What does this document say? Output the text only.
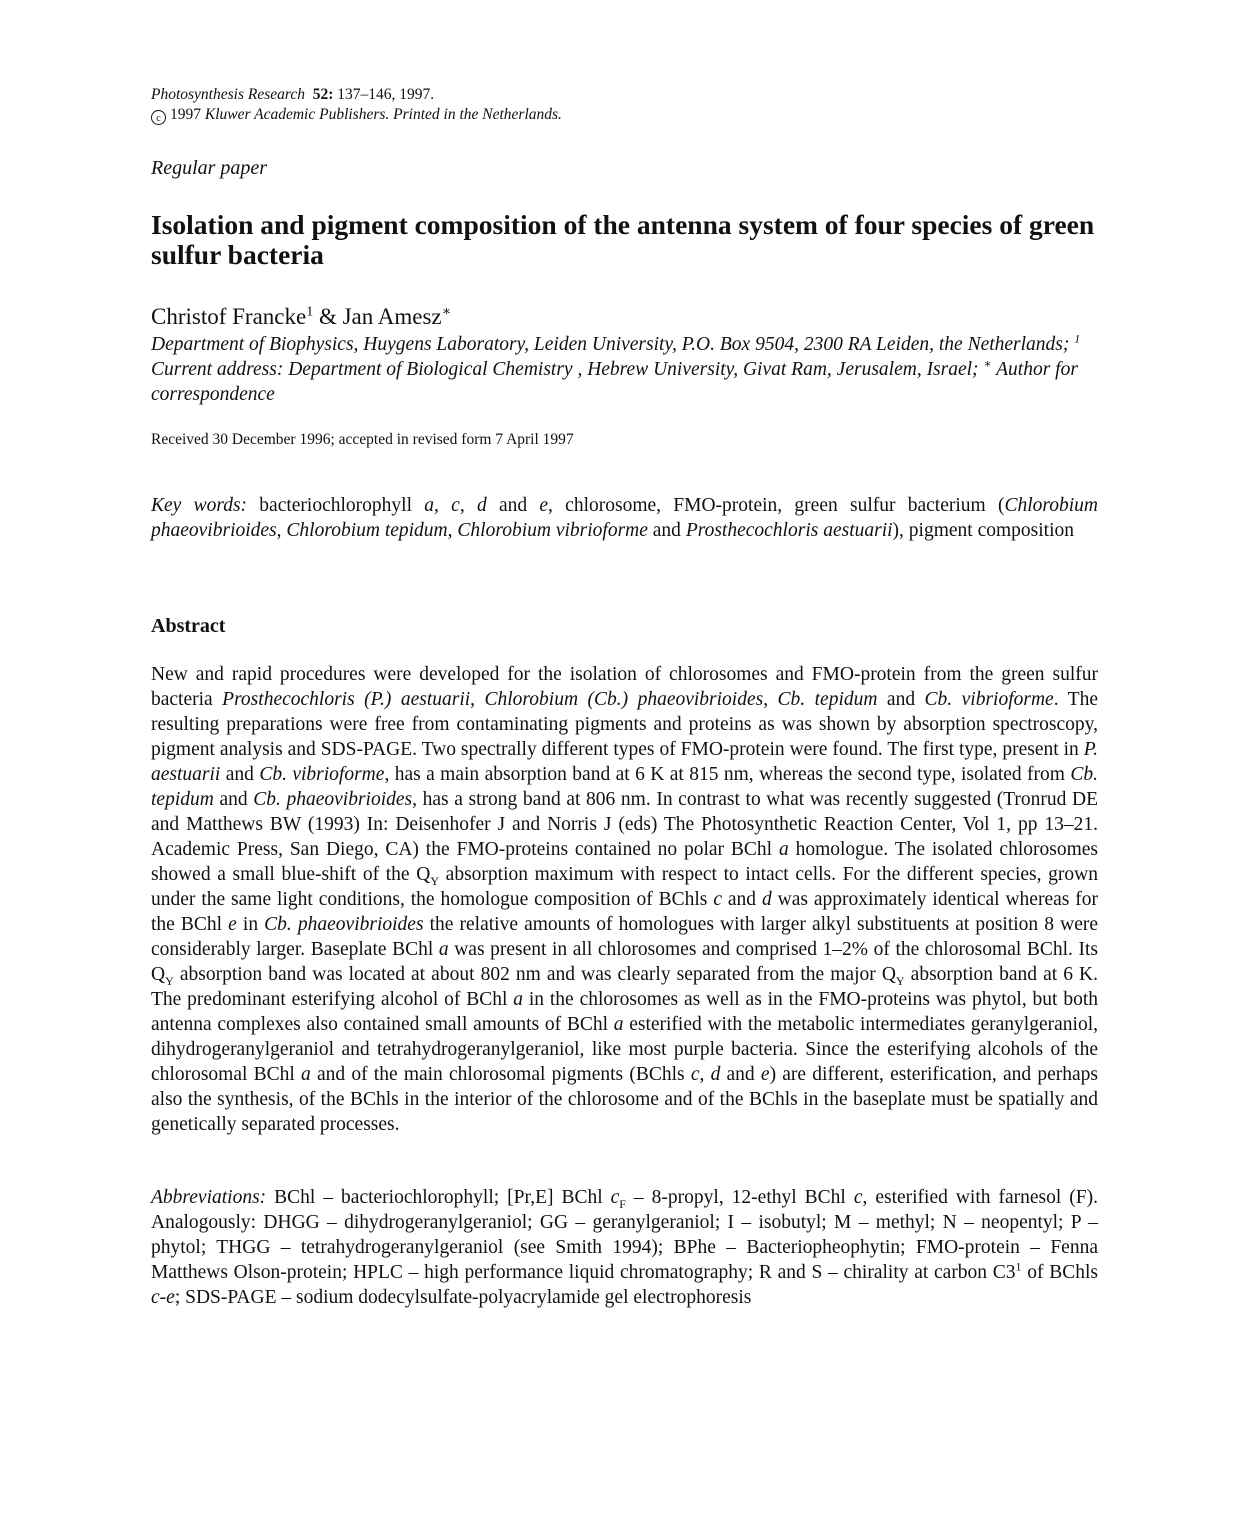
Photosynthesis Research 52: 137–146, 1997.
c 1997 Kluwer Academic Publishers. Printed in the Netherlands.
Regular paper
Isolation and pigment composition of the antenna system of four species of green sulfur bacteria
Christof Francke$^1$ & Jan Amesz∗
Department of Biophysics, Huygens Laboratory, Leiden University, P.O. Box 9504, 2300 RA Leiden, the Netherlands; $^1$ Current address: Department of Biological Chemistry , Hebrew University, Givat Ram, Jerusalem, Israel; ∗ Author for correspondence
Received 30 December 1996; accepted in revised form 7 April 1997
Key words: bacteriochlorophyll a, c, d and e, chlorosome, FMO-protein, green sulfur bacterium (Chlorobium phaeovibrioides, Chlorobium tepidum, Chlorobium vibrioforme and Prosthecochloris aestuarii), pigment composition
Abstract
New and rapid procedures were developed for the isolation of chlorosomes and FMO-protein from the green sulfur bacteria Prosthecochloris (P.) aestuarii, Chlorobium (Cb.) phaeovibrioides, Cb. tepidum and Cb. vibrioforme. The resulting preparations were free from contaminating pigments and proteins as was shown by absorption spectroscopy, pigment analysis and SDS-PAGE. Two spectrally different types of FMO-protein were found. The first type, present in P. aestuarii and Cb. vibrioforme, has a main absorption band at 6 K at 815 nm, whereas the second type, isolated from Cb. tepidum and Cb. phaeovibrioides, has a strong band at 806 nm. In contrast to what was recently suggested (Tronrud DE and Matthews BW (1993) In: Deisenhofer J and Norris J (eds) The Photosynthetic Reaction Center, Vol 1, pp 13–21. Academic Press, San Diego, CA) the FMO-proteins contained no polar BChl a homologue. The isolated chlorosomes showed a small blue-shift of the $Q_Y$ absorption maximum with respect to intact cells. For the different species, grown under the same light conditions, the homologue composition of BChls c and d was approximately identical whereas for the BChl e in Cb. phaeovibrioides the relative amounts of homologues with larger alkyl substituents at position 8 were considerably larger. Baseplate BChl a was present in all chlorosomes and comprised 1–2% of the chlorosomal BChl. Its $Q_Y$ absorption band was located at about 802 nm and was clearly separated from the major $Q_Y$ absorption band at 6 K. The predominant esterifying alcohol of BChl a in the chlorosomes as well as in the FMO-proteins was phytol, but both antenna complexes also contained small amounts of BChl a esterified with the metabolic intermediates geranylgeraniol, dihydrogeranylgeraniol and tetrahydrogeranylgeraniol, like most purple bacteria. Since the esterifying alcohols of the chlorosomal BChl a and of the main chlorosomal pigments (BChls c, d and e) are different, esterification, and perhaps also the synthesis, of the BChls in the interior of the chlorosome and of the BChls in the baseplate must be spatially and genetically separated processes.
Abbreviations: BChl – bacteriochlorophyll; [Pr,E] BChl $c_F$ – 8-propyl, 12-ethyl BChl c, esterified with farnesol (F). Analogously: DHGG – dihydrogeranylgeraniol; GG – geranylgeraniol; I – isobutyl; M – methyl; N – neopentyl; P – phytol; THGG – tetrahydrogeranylgeraniol (see Smith 1994); BPhe – Bacteriopheophytin; FMO-protein – Fenna Matthews Olson-protein; HPLC – high performance liquid chromatography; R and S – chirality at carbon $C3^1$ of BChls c-e; SDS-PAGE – sodium dodecylsulfate-polyacrylamide gel electrophoresis
